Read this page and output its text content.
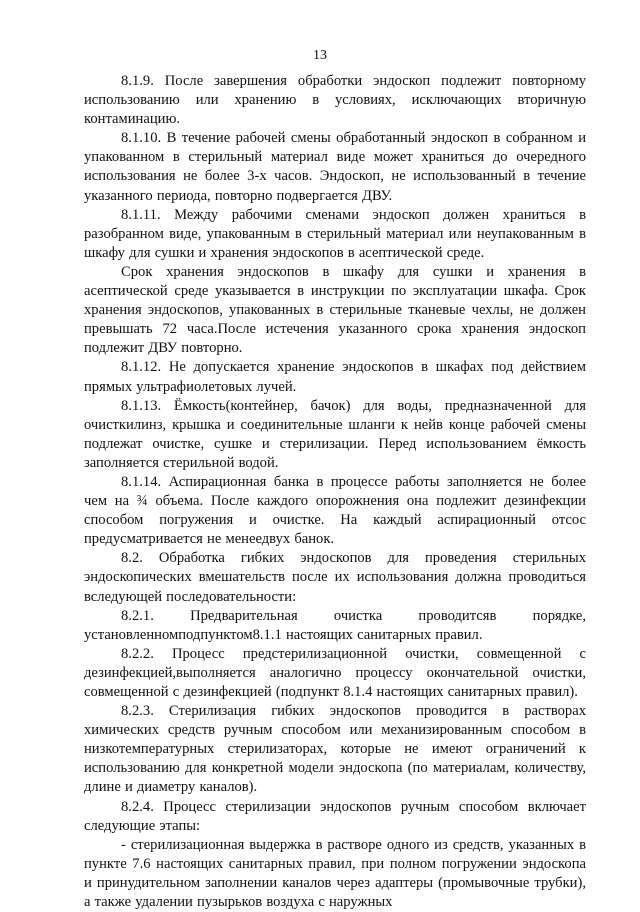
13

8.1.9. После завершения обработки эндоскоп подлежит повторному использованию или хранению в условиях, исключающих вторичную контаминацию.

8.1.10. В течение рабочей смены обработанный эндоскоп в собранном и упакованном в стерильный материал виде может храниться до очередного использования не более 3-х часов. Эндоскоп, не использованный в течение указанного периода, повторно подвергается ДВУ.

8.1.11. Между рабочими сменами эндоскоп должен храниться в разобранном виде, упакованным в стерильный материал или неупакованным в шкафу для сушки и хранения эндоскопов в асептической среде.

Срок хранения эндоскопов в шкафу для сушки и хранения в асептической среде указывается в инструкции по эксплуатации шкафа. Срок хранения эндоскопов, упакованных в стерильные тканевые чехлы, не должен превышать 72 часа.После истечения указанного срока хранения эндоскоп подлежит ДВУ повторно.

8.1.12. Не допускается хранение эндоскопов в шкафах под действием прямых ультрафиолетовых лучей.

8.1.13. Ёмкость(контейнер, бачок) для воды, предназначенной для очисткилинз, крышка и соединительные шланги к нейв конце рабочей смены подлежат очистке, сушке и стерилизации. Перед использованием ёмкость заполняется стерильной водой.

8.1.14. Аспирационная банка в процессе работы заполняется не более чем на ¾ объема. После каждого опорожнения она подлежит дезинфекции способом погружения и очистке. На каждый аспирационный отсос предусматривается не менеедвух банок.

8.2. Обработка гибких эндоскопов для проведения стерильных эндоскопических вмешательств после их использования должна проводиться вследующей последовательности:

8.2.1. Предварительная очистка проводитсяв порядке, установленномподпунктом8.1.1 настоящих санитарных правил.

8.2.2. Процесс предстерилизационной очистки, совмещенной с дезинфекцией,выполняется аналогично процессу окончательной очистки, совмещенной с дезинфекцией (подпункт 8.1.4 настоящих санитарных правил).

8.2.3. Стерилизация гибких эндоскопов проводится в растворах химических средств ручным способом или механизированным способом в низкотемпературных стерилизаторах, которые не имеют ограничений к использованию для конкретной модели эндоскопа (по материалам, количеству, длине и диаметру каналов).

8.2.4. Процесс стерилизации эндоскопов ручным способом включает следующие этапы:

- стерилизационная выдержка в растворе одного из средств, указанных в пункте 7.6 настоящих санитарных правил, при полном погружении эндоскопа и принудительном заполнении каналов через адаптеры (промывочные трубки), а также удалении пузырьков воздуха с наружных
